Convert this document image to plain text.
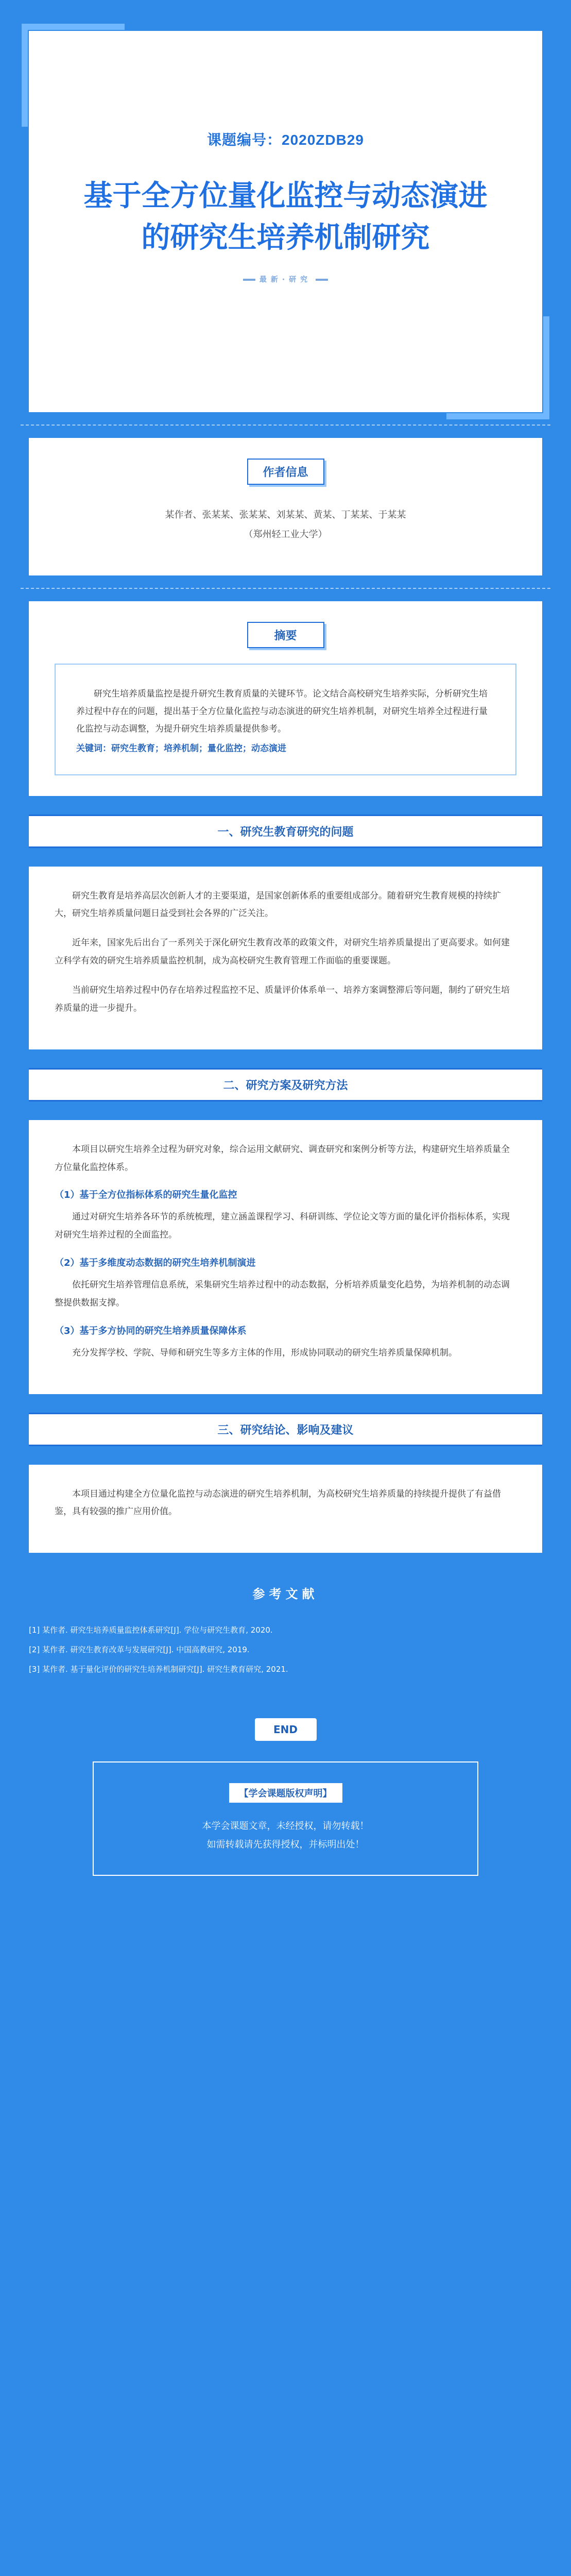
课题编号：2020ZDB29
基于全方位量化监控与动态演进的研究生培养机制研究
最新·研究
作者信息
某作者、张某某、张某某、刘某某、黄某、丁某某、于某某
（郑州轻工业大学）
摘要

研究生培养质量监控是提升研究生教育质量的关键环节。论文结合高校研究生培养实际，分析研究生培养过程中存在的问题，提出基于全方位量化监控与动态演进的研究生培养机制，对研究生培养全过程进行量化监控与动态调整，为提升研究生培养质量提供参考。

关键词：研究生教育；培养机制；量化监控；动态演进

一、研究生教育研究的问题

研究生教育是培养高层次创新人才的主要渠道，是国家创新体系的重要组成部分。随着研究生教育规模的持续扩大，研究生培养质量问题日益受到社会各界的广泛关注。

近年来，国家先后出台了一系列关于深化研究生教育改革的政策文件，对研究生培养质量提出了更高要求。如何建立科学有效的研究生培养质量监控机制，成为高校研究生教育管理工作面临的重要课题。

当前研究生培养过程中仍存在培养过程监控不足、质量评价体系单一、培养方案调整滞后等问题，制约了研究生培养质量的进一步提升。

二、研究方案及研究方法

本项目以研究生培养全过程为研究对象，综合运用文献研究、调查研究和案例分析等方法，构建研究生培养质量全方位量化监控体系。

（1）基于全方位指标体系的研究生量化监控

通过对研究生培养各环节的系统梳理，建立涵盖课程学习、科研训练、学位论文等方面的量化评价指标体系，实现对研究生培养过程的全面监控。

（2）基于多维度动态数据的研究生培养机制演进

依托研究生培养管理信息系统，采集研究生培养过程中的动态数据，分析培养质量变化趋势，为培养机制的动态调整提供数据支撑。

（3）基于多方协同的研究生培养质量保障体系

充分发挥学校、学院、导师和研究生等多方主体的作用，形成协同联动的研究生培养质量保障机制。

三、研究结论、影响及建议

本项目通过构建全方位量化监控与动态演进的研究生培养机制，为高校研究生培养质量的持续提升提供了有益借鉴，具有较强的推广应用价值。

参考文献

[1] 某作者. 研究生培养质量监控体系研究[J]. 学位与研究生教育, 2020.

[2] 某作者. 研究生教育改革与发展研究[J]. 中国高教研究, 2019.

[3] 某作者. 基于量化评价的研究生培养机制研究[J]. 研究生教育研究, 2021.

END
【学会课题版权声明】
本学会课题文章，未经授权，请勿转载！
如需转载请先获得授权，并标明出处！
